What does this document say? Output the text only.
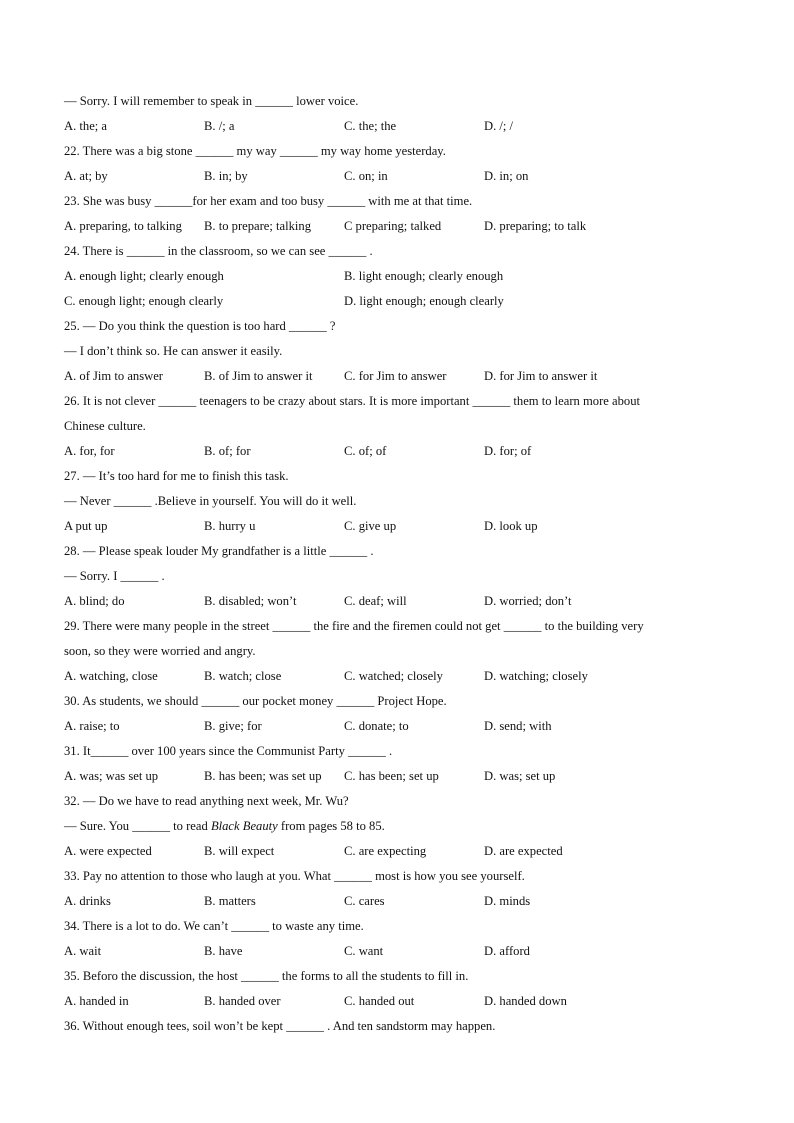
— Sorry. I will remember to speak in ______ lower voice.
A. the; a	B. /; a	C. the; the	D. /; /
22. There was a big stone ______ my way ______ my way home yesterday.
A. at; by	B. in; by	C. on; in	D. in; on
23. She was busy ______for her exam and too busy ______ with me at that time.
A. preparing, to talking	B. to prepare; talking	C preparing; talked	D. preparing; to talk
24. There is ______ in the classroom, so we can see ______ .
A. enough light; clearly enough	B. light enough; clearly enough
C. enough light; enough clearly	D. light enough; enough clearly
25. — Do you think the question is too hard ______ ?
— I don’t think so. He can answer it easily.
A. of Jim to answer	B. of Jim to answer it	C. for Jim to answer	D. for Jim to answer it
26. It is not clever ______ teenagers to be crazy about stars. It is more important ______ them to learn more about
Chinese culture.
A. for, for	B. of; for	C. of; of	D. for; of
27. — It’s too hard for me to finish this task.
— Never ______ .Believe in yourself. You will do it well.
A put up	B. hurry u	C. give up	D. look up
28. — Please speak louder My grandfather is a little ______ .
— Sorry. I ______ .
A. blind; do	B. disabled; won’t	C. deaf; will	D. worried; don’t
29. There were many people in the street ______ the fire and the firemen could not get ______ to the building very
soon, so they were worried and angry.
A. watching, close	B. watch; close	C. watched; closely	D. watching; closely
30. As students, we should ______ our pocket money ______ Project Hope.
A. raise; to	B. give; for	C. donate; to	D. send; with
31. It______ over 100 years since the Communist Party ______ .
A. was; was set up	B. has been; was set up	C. has been; set up	D. was; set up
32. — Do we have to read anything next week, Mr. Wu?
— Sure. You ______ to read Black Beauty from pages 58 to 85.
A. were expected	B. will expect	C. are expecting	D. are expected
33. Pay no attention to those who laugh at you. What ______ most is how you see yourself.
A. drinks	B. matters	C. cares	D. minds
34. There is a lot to do. We can’t ______ to waste any time.
A. wait	B. have	C. want	D. afford
35. Beforo the discussion, the host ______ the forms to all the students to fill in.
A. handed in	B. handed over	C. handed out	D. handed down
36. Without enough tees, soil won’t be kept ______ . And ten sandstorm may happen.
